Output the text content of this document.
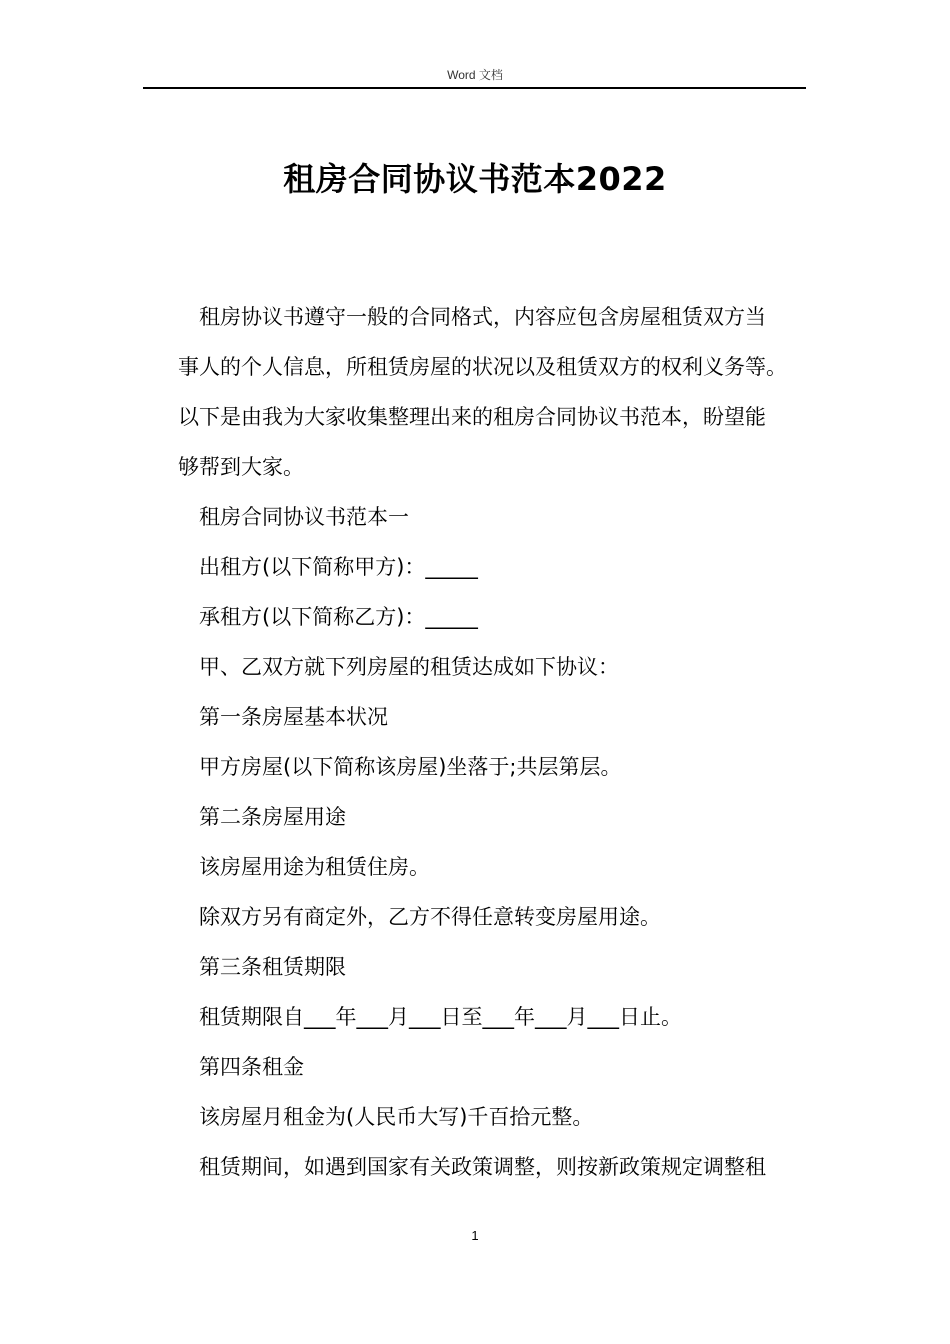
Word 文档
租房合同协议书范本2022
租房协议书遵守一般的合同格式，内容应包含房屋租赁双方当
事人的个人信息，所租赁房屋的状况以及租赁双方的权利义务等。
以下是由我为大家收集整理出来的租房合同协议书范本，盼望能
够帮到大家。
租房合同协议书范本一
出租方(以下简称甲方)：_____
承租方(以下简称乙方)：_____
甲、乙双方就下列房屋的租赁达成如下协议：
第一条房屋基本状况
甲方房屋(以下简称该房屋)坐落于;共层第层。
第二条房屋用途
该房屋用途为租赁住房。
除双方另有商定外，乙方不得任意转变房屋用途。
第三条租赁期限
租赁期限自___年___月___日至___年___月___日止。
第四条租金
该房屋月租金为(人民币大写)千百拾元整。
租赁期间，如遇到国家有关政策调整，则按新政策规定调整租
1
